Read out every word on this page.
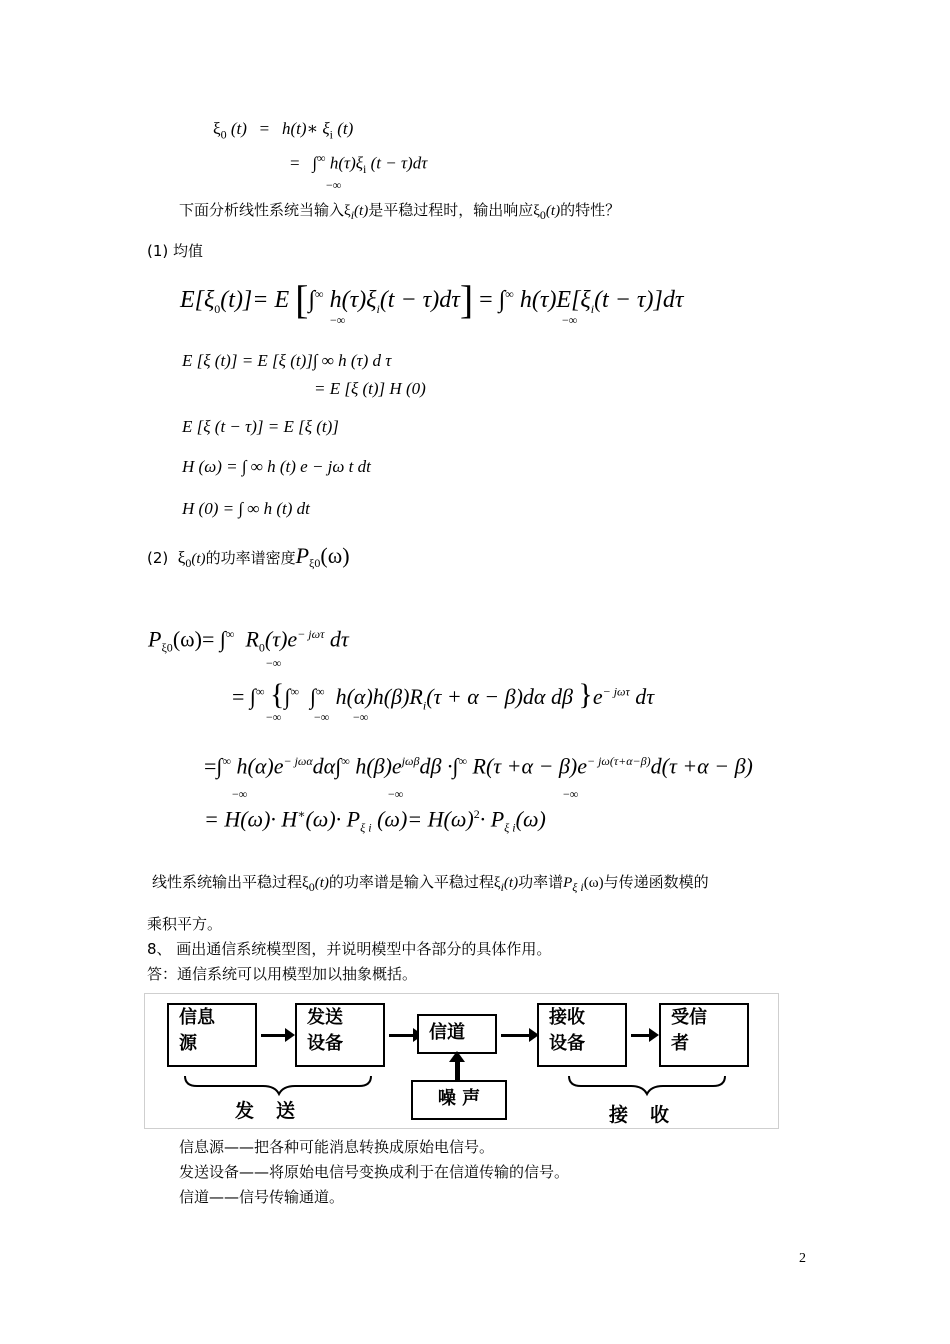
$\xi_0$ (t) = h(t)∗ $\xi_i$ (t)
= ∫∞ $h(\tau)\xi_i$ (t − τ)dτ
−∞
下面分析线性系统当输入$\xi_i(t)$是平稳过程时，输出响应$\xi_0(t)$的特性？
(1) 均值
$E[\xi_0(t)]= E$ [∫∞ $h(\tau)\xi_i(t - \tau)d\tau] = \int^\infty$ $h(\tau)E[\xi_i(t - \tau)]d\tau$
−∞	−∞
E [ξ (t)] = E [ξ (t)]∫ ∞ h (τ) d τ
= E [ξ (t)] H (0)
E [ξ (t − τ)] = E [ξ (t)]
H (ω) = ∫ ∞ h (t) e − jω t dt
H (0) = ∫ ∞ h (t) dt
(2) $\xi_0(t)$的功率谱密度$P_{\xi 0}(\omega)$
$P_{\xi 0}(\omega)= \int^\infty$ $R_0(\tau)e^{- j\omega\tau}$ dτ
−∞
= ∫∞ {∫∞ ∫∞ $h(\alpha)h(\beta)R_i(\tau + \alpha - \beta)d\alpha$ dβ }$e^{- j\omega\tau}$ dτ
−∞	−∞ −∞
=∫∞ $h(\alpha)e^{- j\omega\alpha}d\alpha\int^\infty$ $h(\beta)e^{j\omega\beta}d\beta \cdot\int^\infty$ $R(\tau +\alpha - \beta)e^{- j\omega(\tau+\alpha-\beta)}d(\tau +\alpha - \beta)$
−∞	−∞	−∞
= $H(\omega)\cdot H^∗(\omega)\cdot P_{\xi i}$ $(\omega)= H(\omega)^2\cdot P_{\xi i}(\omega)$
线性系统输出平稳过程$\xi_0(t)$的功率谱是输入平稳过程$\xi_i(t)$功率谱$P_{\xi i}(\omega)$与传递函数模的
乘积平方。
8、 画出通信系统模型图，并说明模型中各部分的具体作用。
答：通信系统可以用模型加以抽象概括。
信息
源
发送
设备
信道
接收
设备
受信
者
噪 声
发送	接收
信息源——把各种可能消息转换成原始电信号。
发送设备——将原始电信号变换成利于在信道传输的信号。
信道——信号传输通道。
2
